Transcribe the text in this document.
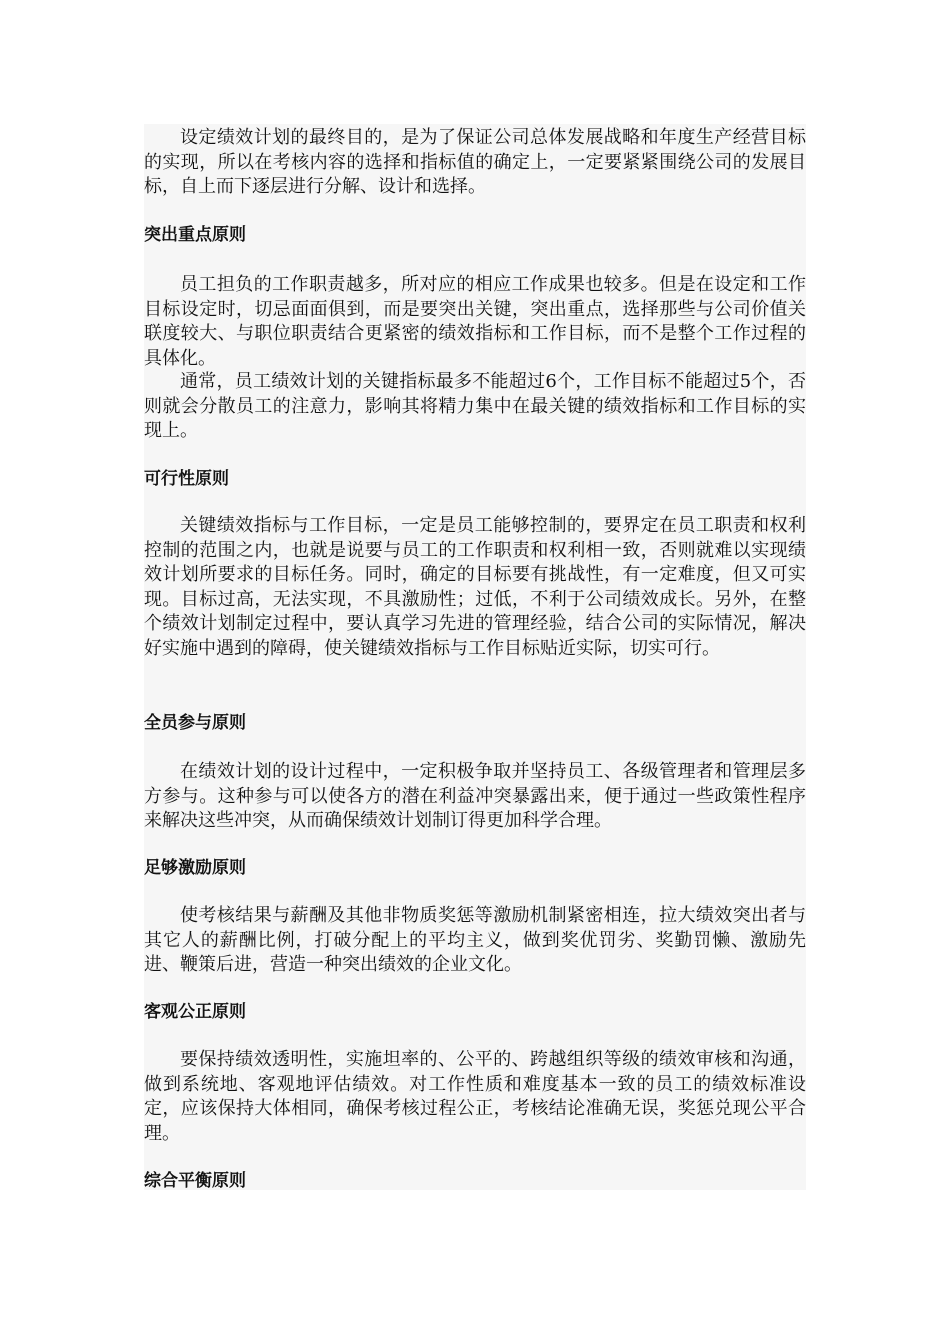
设定绩效计划的最终目的，是为了保证公司总体发展战略和年度生产经营目标的实现，所以在考核内容的选择和指标值的确定上，一定要紧紧围绕公司的发展目标，自上而下逐层进行分解、设计和选择。

突出重点原则

员工担负的工作职责越多，所对应的相应工作成果也较多。但是在设定和工作目标设定时，切忌面面俱到，而是要突出关键，突出重点，选择那些与公司价值关联度较大、与职位职责结合更紧密的绩效指标和工作目标，而不是整个工作过程的具体化。

通常，员工绩效计划的关键指标最多不能超过6个，工作目标不能超过5个，否则就会分散员工的注意力，影响其将精力集中在最关键的绩效指标和工作目标的实现上。

可行性原则

关键绩效指标与工作目标，一定是员工能够控制的，要界定在员工职责和权利控制的范围之内，也就是说要与员工的工作职责和权利相一致，否则就难以实现绩效计划所要求的目标任务。同时，确定的目标要有挑战性，有一定难度，但又可实现。目标过高，无法实现，不具激励性；过低，不利于公司绩效成长。另外，在整个绩效计划制定过程中，要认真学习先进的管理经验，结合公司的实际情况，解决好实施中遇到的障碍，使关键绩效指标与工作目标贴近实际，切实可行。

全员参与原则

在绩效计划的设计过程中，一定积极争取并坚持员工、各级管理者和管理层多方参与。这种参与可以使各方的潜在利益冲突暴露出来，便于通过一些政策性程序来解决这些冲突，从而确保绩效计划制订得更加科学合理。

足够激励原则

使考核结果与薪酬及其他非物质奖惩等激励机制紧密相连，拉大绩效突出者与其它人的薪酬比例，打破分配上的平均主义，做到奖优罚劣、奖勤罚懒、激励先进、鞭策后进，营造一种突出绩效的企业文化。

客观公正原则

要保持绩效透明性，实施坦率的、公平的、跨越组织等级的绩效审核和沟通，做到系统地、客观地评估绩效。对工作性质和难度基本一致的员工的绩效标准设定，应该保持大体相同，确保考核过程公正，考核结论准确无误，奖惩兑现公平合理。

综合平衡原则
